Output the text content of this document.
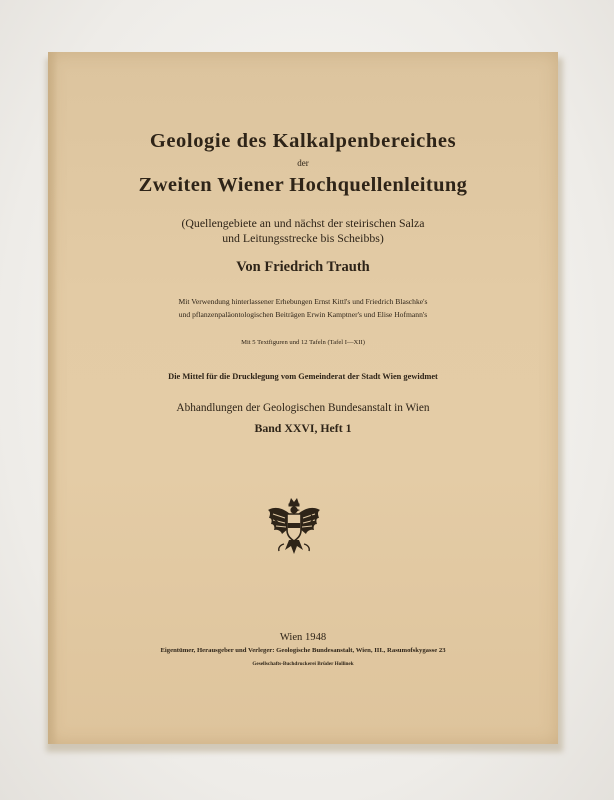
Geologie des Kalkalpenbereiches
der
Zweiten Wiener Hochquellenleitung
(Quellengebiete an und nächst der steirischen Salza
und Leitungsstrecke bis Scheibbs)
Von Friedrich Trauth
Mit Verwendung hinterlassener Erhebungen Ernst Kittl's und Friedrich Blaschke's
und pflanzenpaläontologischen Beiträgen Erwin Kamptner's und Elise Hofmann's
Mit 5 Textfiguren und 12 Tafeln (Tafel I—XII)
Die Mittel für die Drucklegung vom Gemeinderat der Stadt Wien gewidmet
Abhandlungen der Geologischen Bundesanstalt in Wien
Band XXVI, Heft 1
Wien 1948
Eigentümer, Herausgeber und Verleger: Geologische Bundesanstalt, Wien, III., Rasumofskygasse 23
Gesellschafts-Buchdruckerei Brüder Hollinek
